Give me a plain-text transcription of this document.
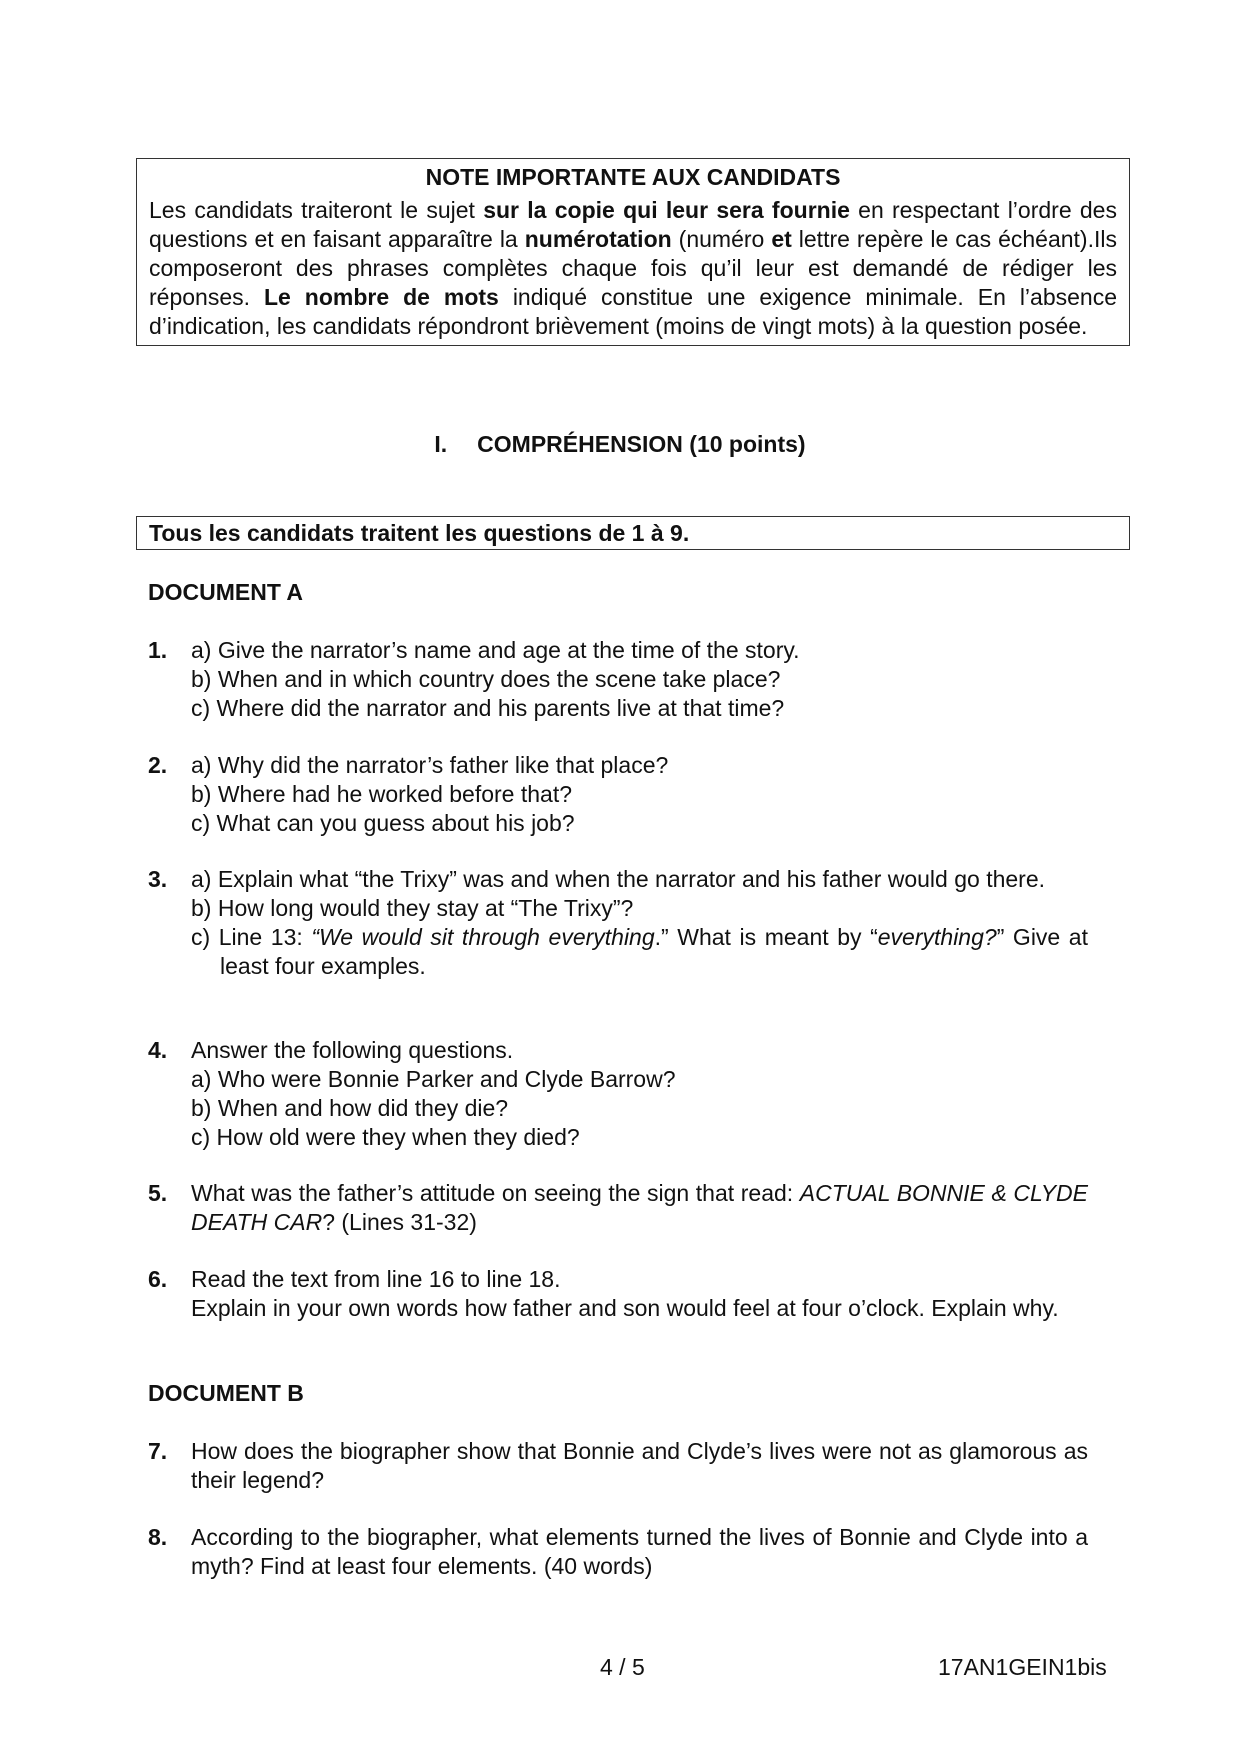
NOTE IMPORTANTE AUX CANDIDATS
Les candidats traiteront le sujet sur la copie qui leur sera fournie en respectant l’ordre des questions et en faisant apparaître la numérotation (numéro et lettre repère le cas échéant).Ils composeront des phrases complètes chaque fois qu’il leur est demandé de rédiger les réponses. Le nombre de mots indiqué constitue une exigence minimale. En l’absence d’indication, les candidats répondront brièvement (moins de vingt mots) à la question posée.
I. COMPRÉHENSION (10 points)
Tous les candidats traitent les questions de 1 à 9.
DOCUMENT A
1. a) Give the narrator’s name and age at the time of the story.
b) When and in which country does the scene take place?
c) Where did the narrator and his parents live at that time?
2. a) Why did the narrator’s father like that place?
b) Where had he worked before that?
c) What can you guess about his job?
3. a) Explain what “the Trixy” was and when the narrator and his father would go there.
b) How long would they stay at “The Trixy”?
c) Line 13: “We would sit through everything.” What is meant by “everything?” Give at least four examples.
4. Answer the following questions.
a) Who were Bonnie Parker and Clyde Barrow?
b) When and how did they die?
c) How old were they when they died?
5. What was the father’s attitude on seeing the sign that read: ACTUAL BONNIE & CLYDE DEATH CAR? (Lines 31-32)
6. Read the text from line 16 to line 18.
Explain in your own words how father and son would feel at four o’clock. Explain why.
DOCUMENT B
7. How does the biographer show that Bonnie and Clyde’s lives were not as glamorous as their legend?
8. According to the biographer, what elements turned the lives of Bonnie and Clyde into a myth? Find at least four elements. (40 words)
4 / 5	17AN1GEIN1bis
